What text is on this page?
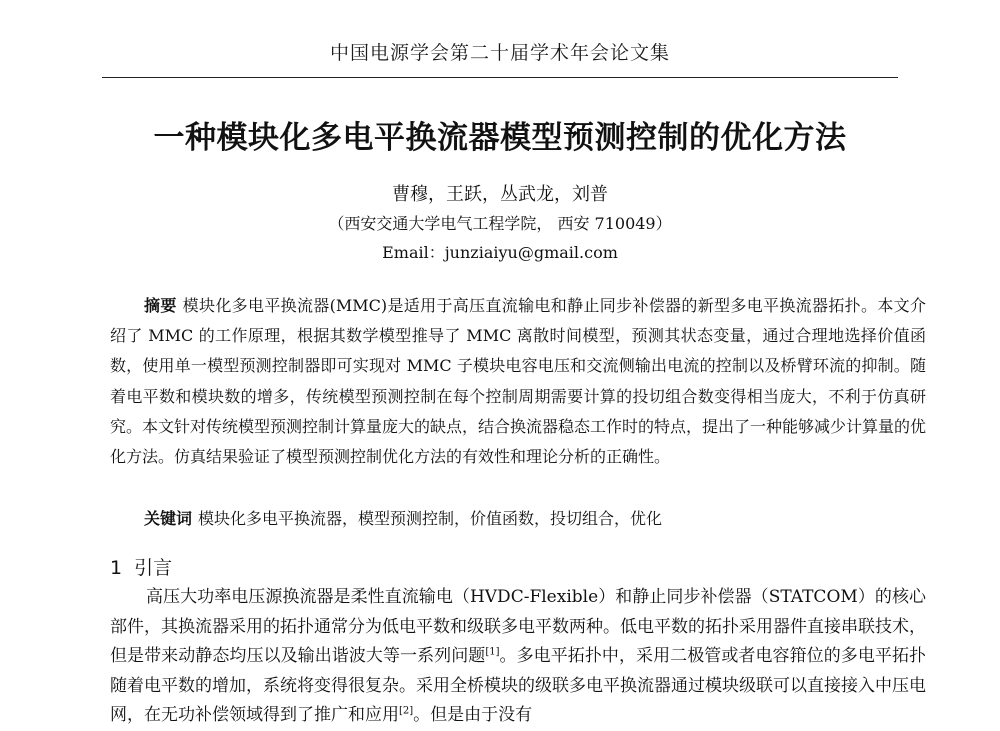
中国电源学会第二十届学术年会论文集
一种模块化多电平换流器模型预测控制的优化方法
曹穆，王跃，丛武龙，刘普
（西安交通大学电气工程学院， 西安 710049）
Email：junziaiyu@gmail.com
摘要 模块化多电平换流器(MMC)是适用于高压直流输电和静止同步补偿器的新型多电平换流器拓扑。本文介绍了 MMC 的工作原理，根据其数学模型推导了 MMC 离散时间模型，预测其状态变量，通过合理地选择价值函数，使用单一模型预测控制器即可实现对 MMC 子模块电容电压和交流侧输出电流的控制以及桥臂环流的抑制。随着电平数和模块数的增多，传统模型预测控制在每个控制周期需要计算的投切组合数变得相当庞大，不利于仿真研究。本文针对传统模型预测控制计算量庞大的缺点，结合换流器稳态工作时的特点，提出了一种能够减少计算量的优化方法。仿真结果验证了模型预测控制优化方法的有效性和理论分析的正确性。
关键词 模块化多电平换流器，模型预测控制，价值函数，投切组合，优化
1 引言
高压大功率电压源换流器是柔性直流输电（HVDC-Flexible）和静止同步补偿器（STATCOM）的核心部件，其换流器采用的拓扑通常分为低电平数和级联多电平数两种。低电平数的拓扑采用器件直接串联技术，但是带来动静态均压以及输出谐波大等一系列问题[1]。多电平拓扑中，采用二极管或者电容箝位的多电平拓扑随着电平数的增加，系统将变得很复杂。采用全桥模块的级联多电平换流器通过模块级联可以直接接入中压电网，在无功补偿领域得到了推广和应用[2]。但是由于没有
